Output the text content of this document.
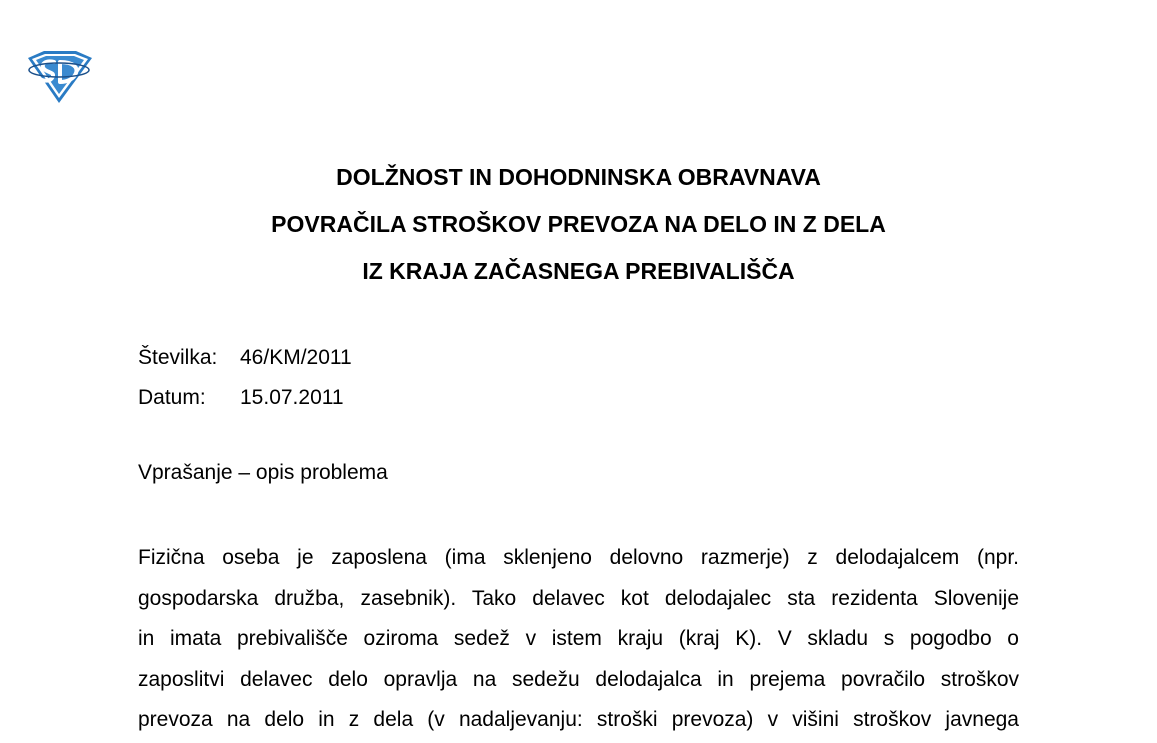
DOLŽNOST IN DOHODNINSKA OBRAVNAVA
POVRAČILA STROŠKOV PREVOZA NA DELO IN Z DELA
IZ KRAJA ZAČASNEGA PREBIVALIŠČA
Številka:	46/KM/2011
Datum:	15.07.2011
Vprašanje – opis problema
Fizična oseba je zaposlena (ima sklenjeno delovno razmerje) z delodajalcem (npr.
gospodarska družba, zasebnik). Tako delavec kot delodajalec sta rezidenta Slovenije
in imata prebivališče oziroma sedež v istem kraju (kraj K). V skladu s pogodbo o
zaposlitvi delavec delo opravlja na sedežu delodajalca in prejema povračilo stroškov
prevoza na delo in z dela (v nadaljevanju: stroški prevoza) v višini stroškov javnega
